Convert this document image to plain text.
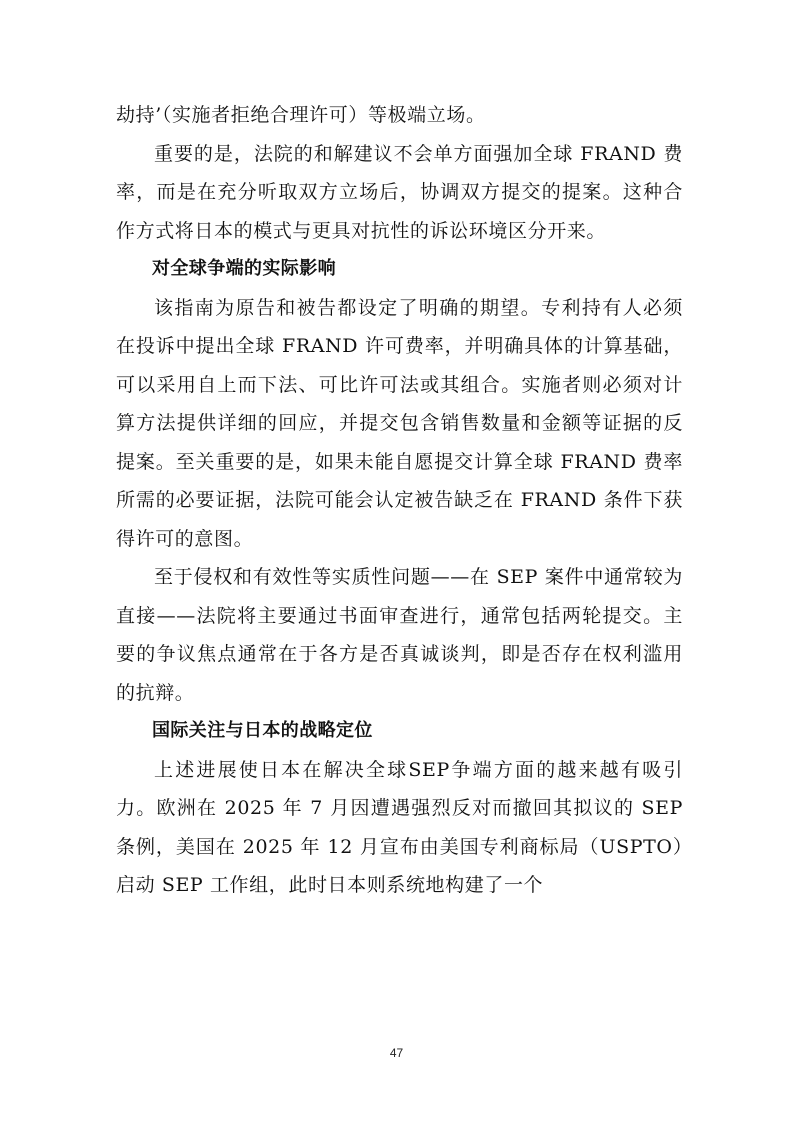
劫持’（实施者拒绝合理许可）等极端立场。

重要的是，法院的和解建议不会单方面强加全球 FRAND 费率，而是在充分听取双方立场后，协调双方提交的提案。这种合作方式将日本的模式与更具对抗性的诉讼环境区分开来。

对全球争端的实际影响

该指南为原告和被告都设定了明确的期望。专利持有人必须在投诉中提出全球 FRAND 许可费率，并明确具体的计算基础，可以采用自上而下法、可比许可法或其组合。实施者则必须对计算方法提供详细的回应，并提交包含销售数量和金额等证据的反提案。至关重要的是，如果未能自愿提交计算全球 FRAND 费率所需的必要证据，法院可能会认定被告缺乏在 FRAND 条件下获得许可的意图。

至于侵权和有效性等实质性问题——在 SEP 案件中通常较为直接——法院将主要通过书面审查进行，通常包括两轮提交。主要的争议焦点通常在于各方是否真诚谈判，即是否存在权利滥用的抗辩。

国际关注与日本的战略定位

上述进展使日本在解决全球SEP争端方面的越来越有吸引力。欧洲在 2025 年 7 月因遭遇强烈反对而撤回其拟议的 SEP 条例，美国在 2025 年 12 月宣布由美国专利商标局（USPTO）启动 SEP 工作组，此时日本则系统地构建了一个

47
